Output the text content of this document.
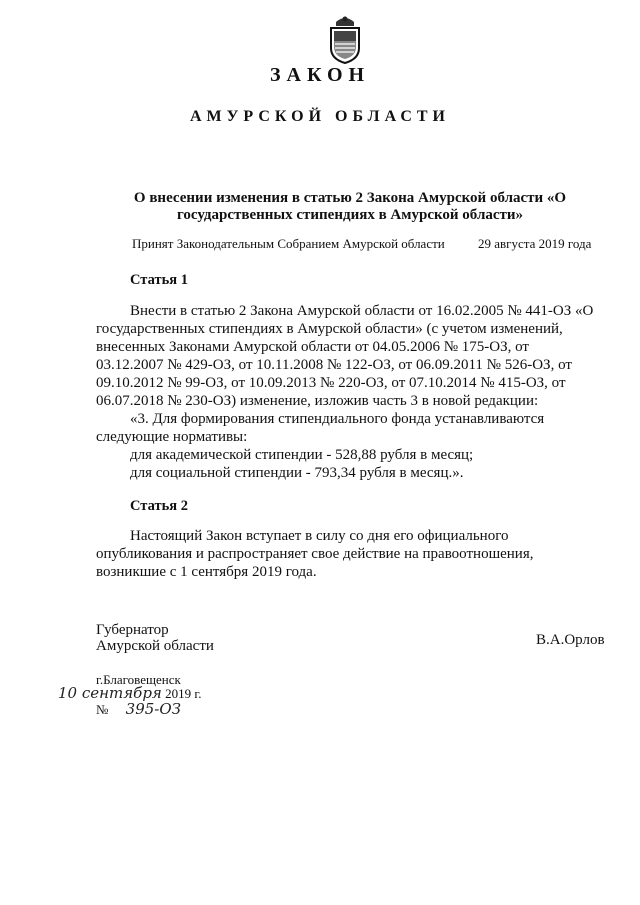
ЗАКОН
АМУРСКОЙ ОБЛАСТИ
О внесении изменения в статью 2 Закона Амурской области «О
государственных стипендиях в Амурской области»
Принят Законодательным Собранием Амурской области	29 августа 2019 года
Статья 1
Внести в статью 2 Закона Амурской области от 16.02.2005 № 441-ОЗ «О
государственных стипендиях в Амурской области» (с учетом изменений,
внесенных Законами Амурской области от 04.05.2006 № 175-ОЗ, от
03.12.2007 № 429-ОЗ, от 10.11.2008 № 122-ОЗ, от 06.09.2011 № 526-ОЗ, от
09.10.2012 № 99-ОЗ, от 10.09.2013 № 220-ОЗ, от 07.10.2014 № 415-ОЗ, от
06.07.2018 № 230-ОЗ) изменение, изложив часть 3 в новой редакции:
«3. Для формирования стипендиального фонда устанавливаются
следующие нормативы:
для академической стипендии - 528,88 рубля в месяц;
для социальной стипендии - 793,34 рубля в месяц.».
Статья 2
Настоящий Закон вступает в силу со дня его официального
опубликования и распространяет свое действие на правоотношения,
возникшие с 1 сентября 2019 года.
Губернатор
Амурской области	В.А.Орлов
г.Благовещенск
10 сентября 2019 г.
№ 395-ОЗ
